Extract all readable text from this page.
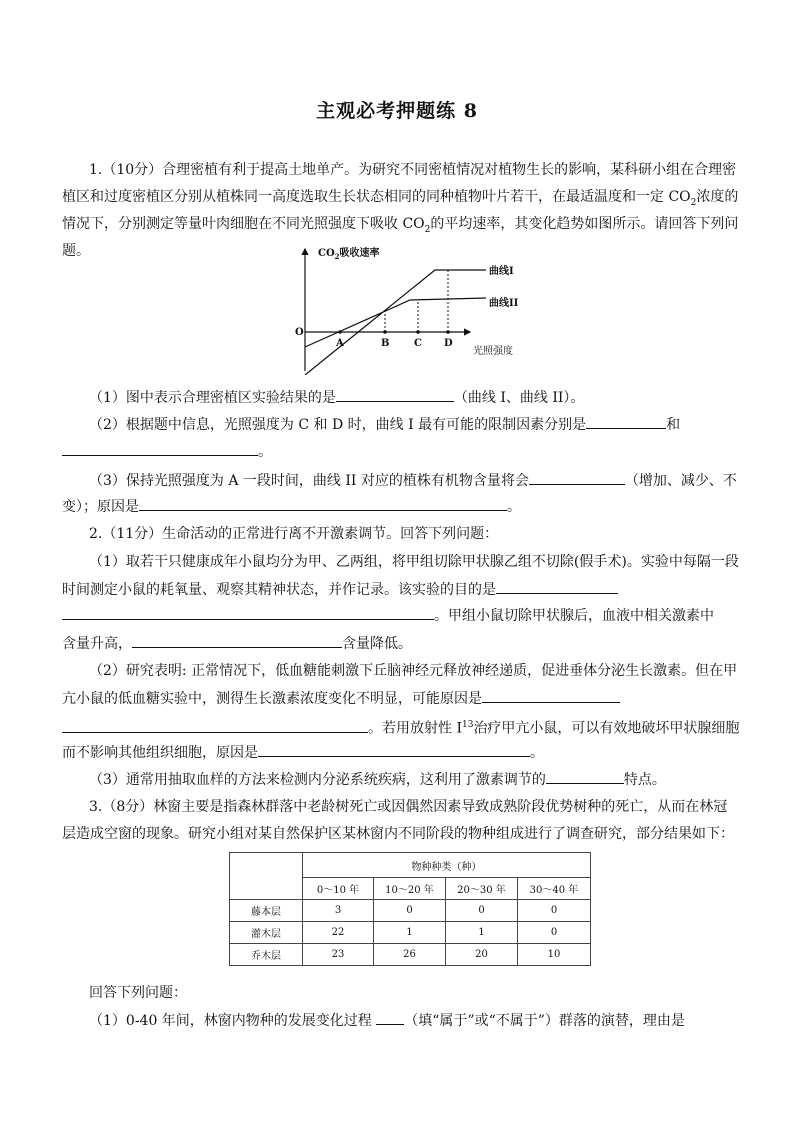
主观必考押题练 8
1.（10分）合理密植有利于提高土地单产。为研究不同密植情况对植物生长的影响，某科研小组在合理密
植区和过度密植区分别从植株同一高度选取生长状态相同的同种植物叶片若干，在最适温度和一定 $CO_2$浓度的
情况下，分别测定等量叶肉细胞在不同光照强度下吸收 $CO_2$的平均速率，其变化趋势如图所示。请回答下列问
题。	$CO_2$吸收速率
O
光照强度
A	B C D
曲线I
曲线II
（1）图中表示合理密植区实验结果的是	（曲线 I、曲线 II）。
（2）根据题中信息，光照强度为 C 和 D 时，曲线 I 最有可能的限制因素分别是	和
。
（3）保持光照强度为 A 一段时间，曲线 II 对应的植株有机物含量将会	（增加、减少、不
变）；原因是	。
2.（11分）生命活动的正常进行离不开激素调节。回答下列问题：
（1）取若干只健康成年小鼠均分为甲、乙两组，将甲组切除甲状腺乙组不切除(假手术)。实验中每隔一段
时间测定小鼠的耗氧量、观察其精神状态，并作记录。该实验的目的是
。甲组小鼠切除甲状腺后，血液中相关激素中
含量升高，	含量降低。
（2）研究表明: 正常情况下，低血糖能刺激下丘脑神经元释放神经递质，促进垂体分泌生长激素。但在甲
亢小鼠的低血糖实验中，测得生长激素浓度变化不明显，可能原因是
。若用放射性 $I^{13}$治疗甲亢小鼠，可以有效地破坏甲状腺细胞
而不影响其他组织细胞，原因是	。
（3）通常用抽取血样的方法来检测内分泌系统疾病，这利用了激素调节的	特点。
3.（8分）林窗主要是指森林群落中老龄树死亡或因偶然因素导致成熟阶段优势树种的死亡，从而在林冠
层造成空窗的现象。研究小组对某自然保护区某林窗内不同阶段的物种组成进行了调查研究，部分结果如下：
	物种种类（种）			
	0～10 年	10～20 年	20～30 年	30～40 年
藤本层	3	0	0	0
灌木层	22	1	1	0
乔木层	23	26	20	10
回答下列问题：
（1）0-40 年间，林窗内物种的发展变化过程 （填“属于”或“不属于”）群落的演替，理由是
